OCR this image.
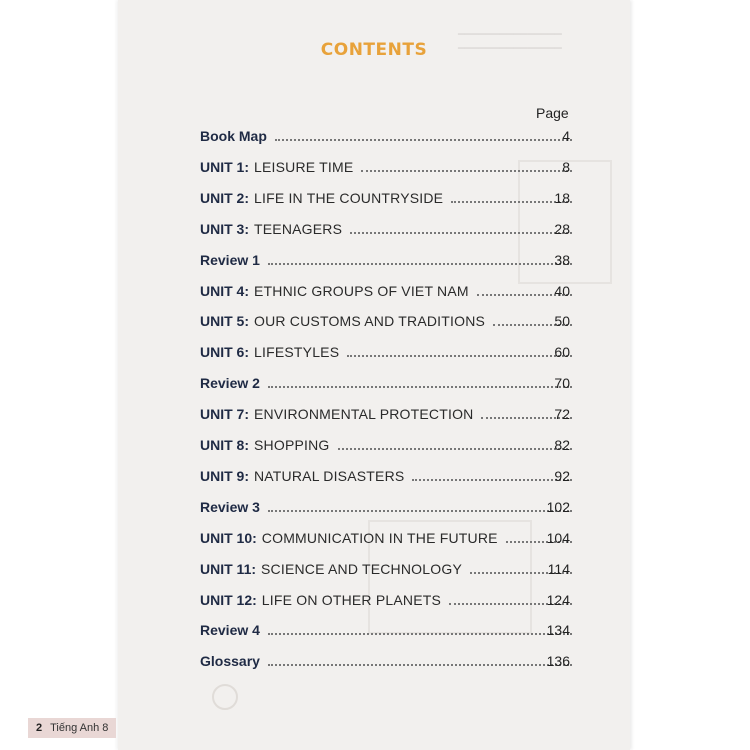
▔▔▔▔▔▔▔▔▔▔▔▔▔▔▔
▔▔▔▔▔▔▔▔▔▔▔▔▔▔▔
CONTENTS
Page
Book Map	4
UNIT 1: LEISURE TIME	8
UNIT 2: LIFE IN THE COUNTRYSIDE	18
UNIT 3: TEENAGERS	28
Review 1	38
UNIT 4: ETHNIC GROUPS OF VIET NAM	40
UNIT 5: OUR CUSTOMS AND TRADITIONS	50
UNIT 6: LIFESTYLES	60
Review 2	70
UNIT 7: ENVIRONMENTAL PROTECTION	72
UNIT 8: SHOPPING	82
UNIT 9: NATURAL DISASTERS	92
Review 3	102
UNIT 10: COMMUNICATION IN THE FUTURE	104
UNIT 11: SCIENCE AND TECHNOLOGY	114
UNIT 12: LIFE ON OTHER PLANETS	124
Review 4	134
Glossary	136
2 Tiếng Anh 8
